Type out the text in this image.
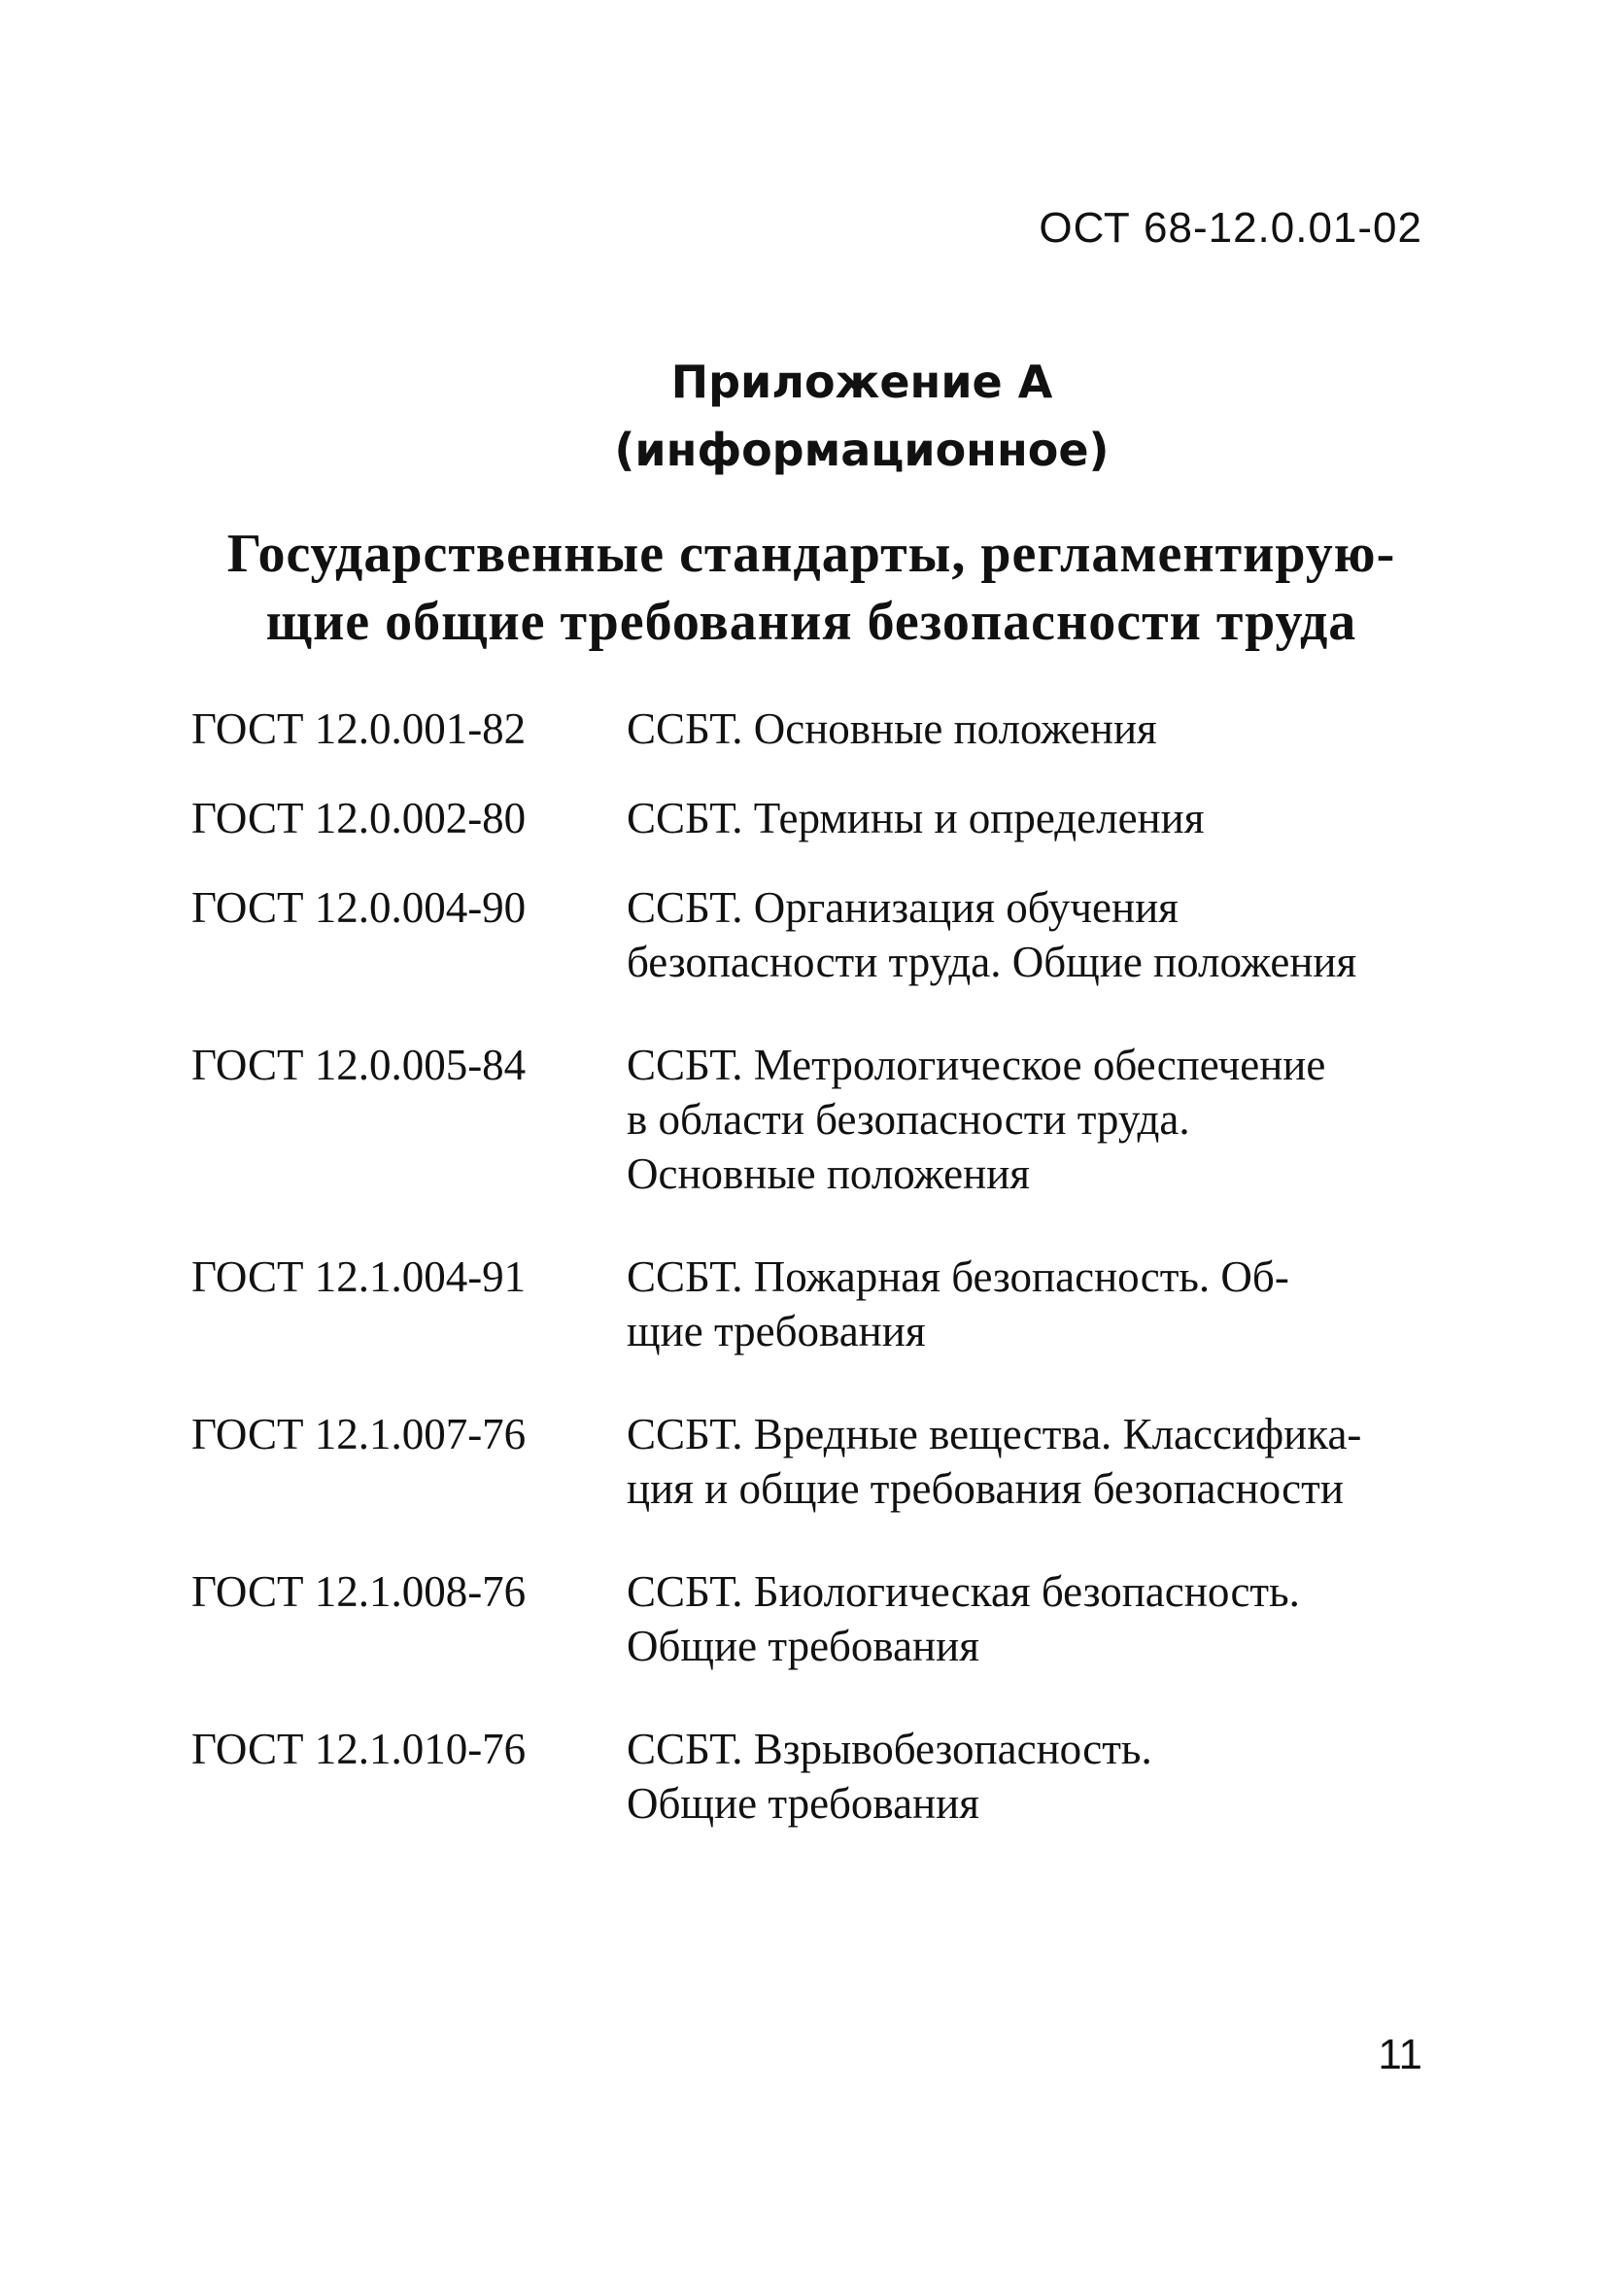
ОСТ 68-12.0.01-02
Приложение А
(информационное)
Государственные стандарты, регламентирую-
щие общие требования безопасности труда
ГОСТ 12.0.001-82	ССБТ. Основные положения
ГОСТ 12.0.002-80	ССБТ. Термины и определения
ГОСТ 12.0.004-90	ССБТ. Организация обучения
безопасности труда. Общие положения
ГОСТ 12.0.005-84	ССБТ. Метрологическое обеспечение
в области безопасности труда.
Основные положения
ГОСТ 12.1.004-91	ССБТ. Пожарная безопасность. Об-
щие требования
ГОСТ 12.1.007-76	ССБТ. Вредные вещества. Классифика-
ция и общие требования безопасности
ГОСТ 12.1.008-76	ССБТ. Биологическая безопасность.
Общие требования
ГОСТ 12.1.010-76	ССБТ. Взрывобезопасность.
Общие требования
11
